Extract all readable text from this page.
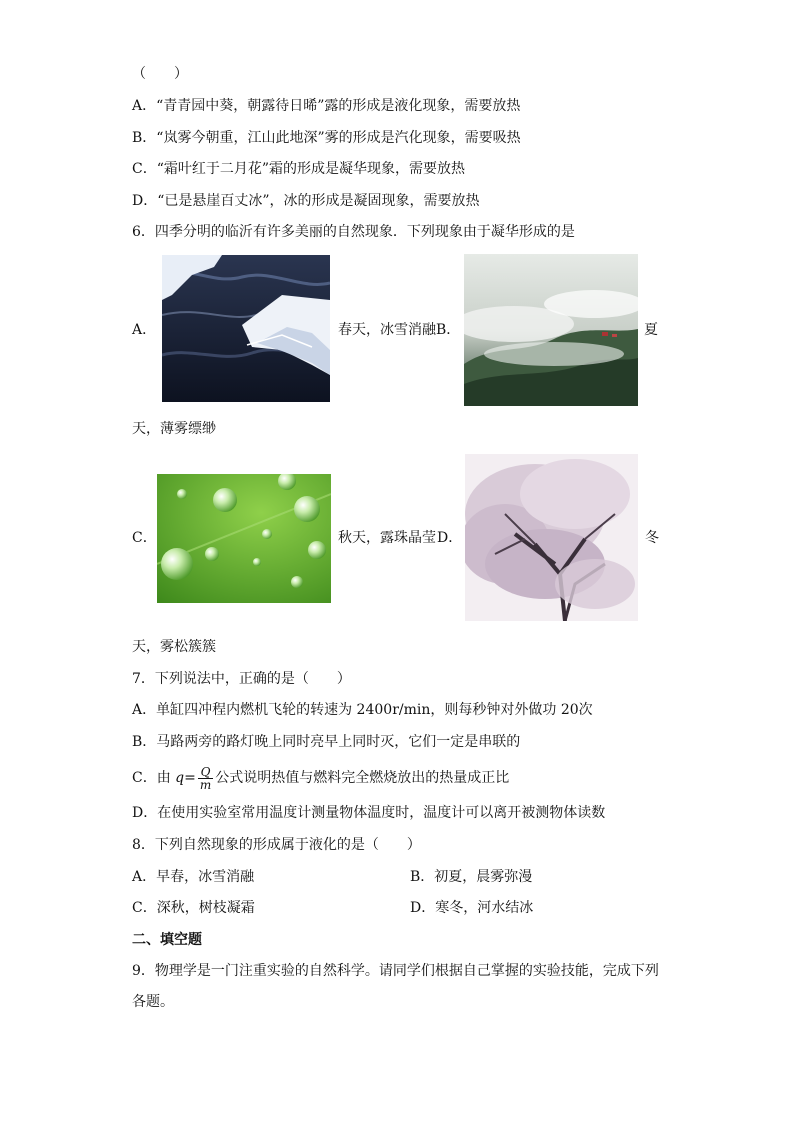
（　　）
A．“青青园中葵，朝露待日晞”露的形成是液化现象，需要放热
B．“岚雾今朝重，江山此地深”雾的形成是汽化现象，需要吸热
C．“霜叶红于二月花”霜的形成是凝华现象，需要放热
D．“已是悬崖百丈冰”，冰的形成是凝固现象，需要放热
6．四季分明的临沂有许多美丽的自然现象．下列现象由于凝华形成的是
A．	春天，冰雪消融 B．	夏
天，薄雾缥缈
C．	秋天，露珠晶莹 D．	冬
天，雾松簇簇
7．下列说法中，正确的是（　　）
A．单缸四冲程内燃机飞轮的转速为 2400r/min，则每秒钟对外做功 20次
B．马路两旁的路灯晚上同时亮早上同时灭，它们一定是串联的
C．由 $q= \frac{Q}{m}$ 公式说明热值与燃料完全燃烧放出的热量成正比
D．在使用实验室常用温度计测量物体温度时，温度计可以离开被测物体读数
8．下列自然现象的形成属于液化的是（　　）
A．早春，冰雪消融	B．初夏，晨雾弥漫
C．深秋，树枝凝霜	D．寒冬，河水结冰
二、填空题
9．物理学是一门注重实验的自然科学。请同学们根据自己掌握的实验技能，完成下列
各题。
